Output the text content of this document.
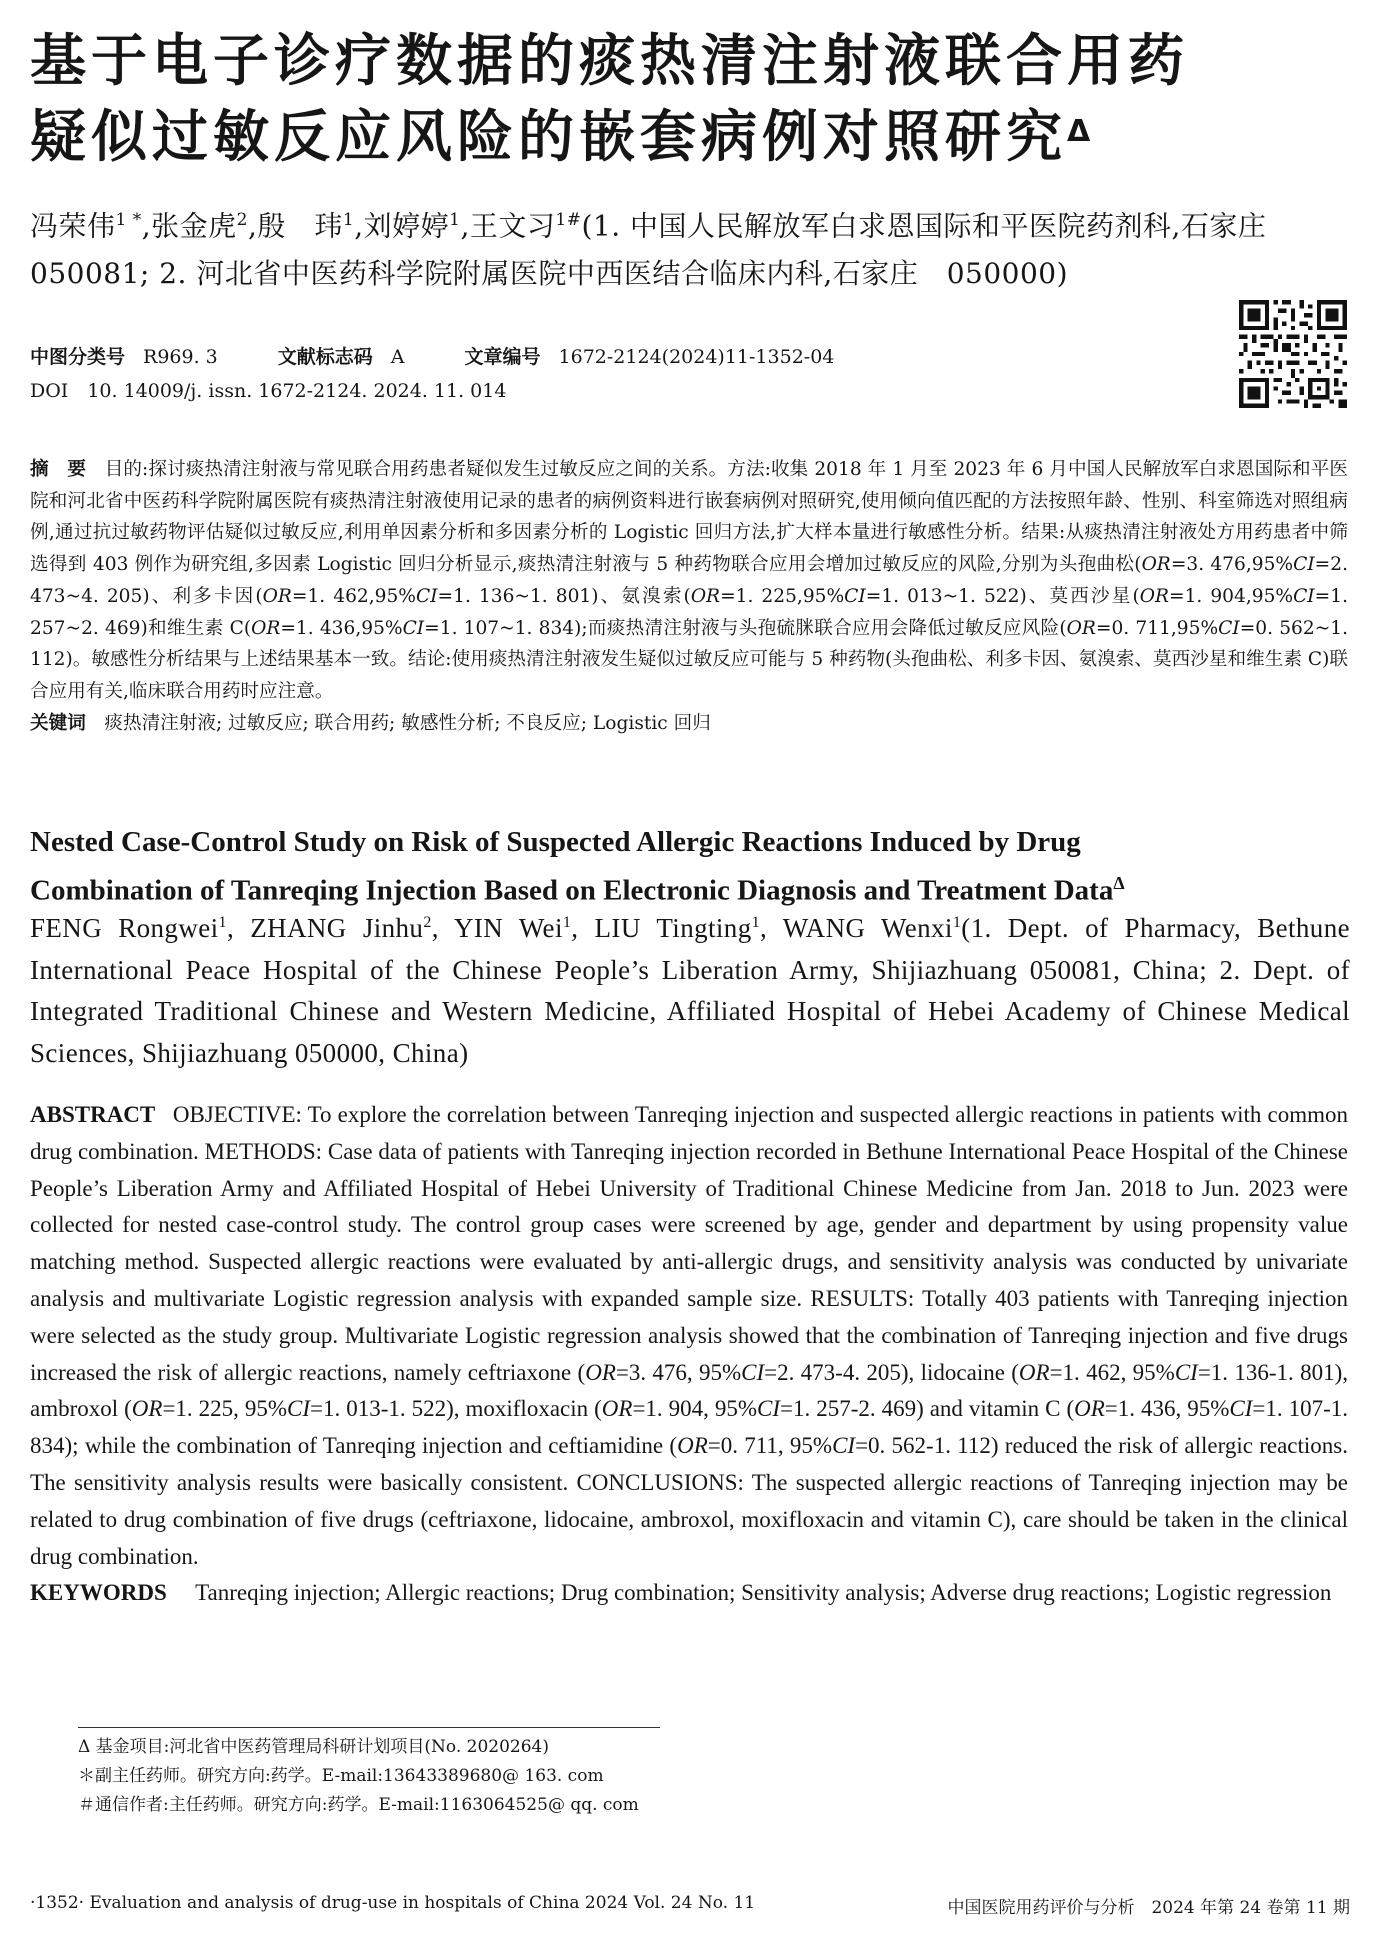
基于电子诊疗数据的痰热清注射液联合用药
疑似过敏反应风险的嵌套病例对照研究$^\Delta$
冯荣伟$^{1 *}$,张金虎$^2$,殷　玮$^1$,刘婷婷$^1$,王文习$^{1\#}$(1. 中国人民解放军白求恩国际和平医院药剂科,石家庄 050081; 2. 河北省中医药科学院附属医院中西医结合临床内科,石家庄　050000)
中图分类号 R969. 3	文献标志码 A	文章编号 1672-2124(2024)11-1352-04
DOI　10. 14009/j. issn. 1672-2124. 2024. 11. 014
摘　要  目的:探讨痰热清注射液与常见联合用药患者疑似发生过敏反应之间的关系。方法:收集 2018 年 1 月至 2023 年 6 月中国人民解放军白求恩国际和平医院和河北省中医药科学院附属医院有痰热清注射液使用记录的患者的病例资料进行嵌套病例对照研究,使用倾向值匹配的方法按照年龄、性别、科室筛选对照组病例,通过抗过敏药物评估疑似过敏反应,利用单因素分析和多因素分析的 Logistic 回归方法,扩大样本量进行敏感性分析。结果:从痰热清注射液处方用药患者中筛选得到 403 例作为研究组,多因素 Logistic 回归分析显示,痰热清注射液与 5 种药物联合应用会增加过敏反应的风险,分别为头孢曲松(OR=3. 476,95%CI=2. 473~4. 205)、利多卡因(OR=1. 462,95%CI=1. 136~1. 801)、氨溴索(OR=1. 225,95%CI=1. 013~1. 522)、莫西沙星(OR=1. 904,95%CI=1. 257~2. 469)和维生素 C(OR=1. 436,95%CI=1. 107~1. 834);而痰热清注射液与头孢硫脒联合应用会降低过敏反应风险(OR=0. 711,95%CI=0. 562~1. 112)。敏感性分析结果与上述结果基本一致。结论:使用痰热清注射液发生疑似过敏反应可能与 5 种药物(头孢曲松、利多卡因、氨溴索、莫西沙星和维生素 C)联合应用有关,临床联合用药时应注意。
关键词  痰热清注射液; 过敏反应; 联合用药; 敏感性分析; 不良反应; Logistic 回归
Nested Case-Control Study on Risk of Suspected Allergic Reactions Induced by Drug
Combination of Tanreqing Injection Based on Electronic Diagnosis and Treatment Data$^\Delta$
FENG Rongwei$^1$, ZHANG Jinhu$^2$, YIN Wei$^1$, LIU Tingting$^1$, WANG Wenxi$^1$(1. Dept. of Pharmacy, Bethune International Peace Hospital of the Chinese People’s Liberation Army, Shijiazhuang 050081, China; 2. Dept. of Integrated Traditional Chinese and Western Medicine, Affiliated Hospital of Hebei Academy of Chinese Medical Sciences, Shijiazhuang 050000, China)
ABSTRACT  OBJECTIVE: To explore the correlation between Tanreqing injection and suspected allergic reactions in patients with common drug combination. METHODS: Case data of patients with Tanreqing injection recorded in Bethune International Peace Hospital of the Chinese People’s Liberation Army and Affiliated Hospital of Hebei University of Traditional Chinese Medicine from Jan. 2018 to Jun. 2023 were collected for nested case-control study. The control group cases were screened by age, gender and department by using propensity value matching method. Suspected allergic reactions were evaluated by anti-allergic drugs, and sensitivity analysis was conducted by univariate analysis and multivariate Logistic regression analysis with expanded sample size. RESULTS: Totally 403 patients with Tanreqing injection were selected as the study group. Multivariate Logistic regression analysis showed that the combination of Tanreqing injection and five drugs increased the risk of allergic reactions, namely ceftriaxone (OR=3. 476, 95%CI=2. 473-4. 205), lidocaine (OR=1. 462, 95%CI=1. 136-1. 801), ambroxol (OR=1. 225, 95%CI=1. 013-1. 522), moxifloxacin (OR=1. 904, 95%CI=1. 257-2. 469) and vitamin C (OR=1. 436, 95%CI=1. 107-1. 834); while the combination of Tanreqing injection and ceftiamidine (OR=0. 711, 95%CI=0. 562-1. 112) reduced the risk of allergic reactions. The sensitivity analysis results were basically consistent. CONCLUSIONS: The suspected allergic reactions of Tanreqing injection may be related to drug combination of five drugs (ceftriaxone, lidocaine, ambroxol, moxifloxacin and vitamin C), care should be taken in the clinical drug combination.
KEYWORDS  Tanreqing injection; Allergic reactions; Drug combination; Sensitivity analysis; Adverse drug reactions; Logistic regression
Δ 基金项目:河北省中医药管理局科研计划项目(No. 2020264)
＊副主任药师。研究方向:药学。E-mail:13643389680@ 163. com
＃通信作者:主任药师。研究方向:药学。E-mail:1163064525@ qq. com
·1352· Evaluation and analysis of drug-use in hospitals of China 2024 Vol. 24 No. 11	中国医院用药评价与分析　2024 年第 24 卷第 11 期
